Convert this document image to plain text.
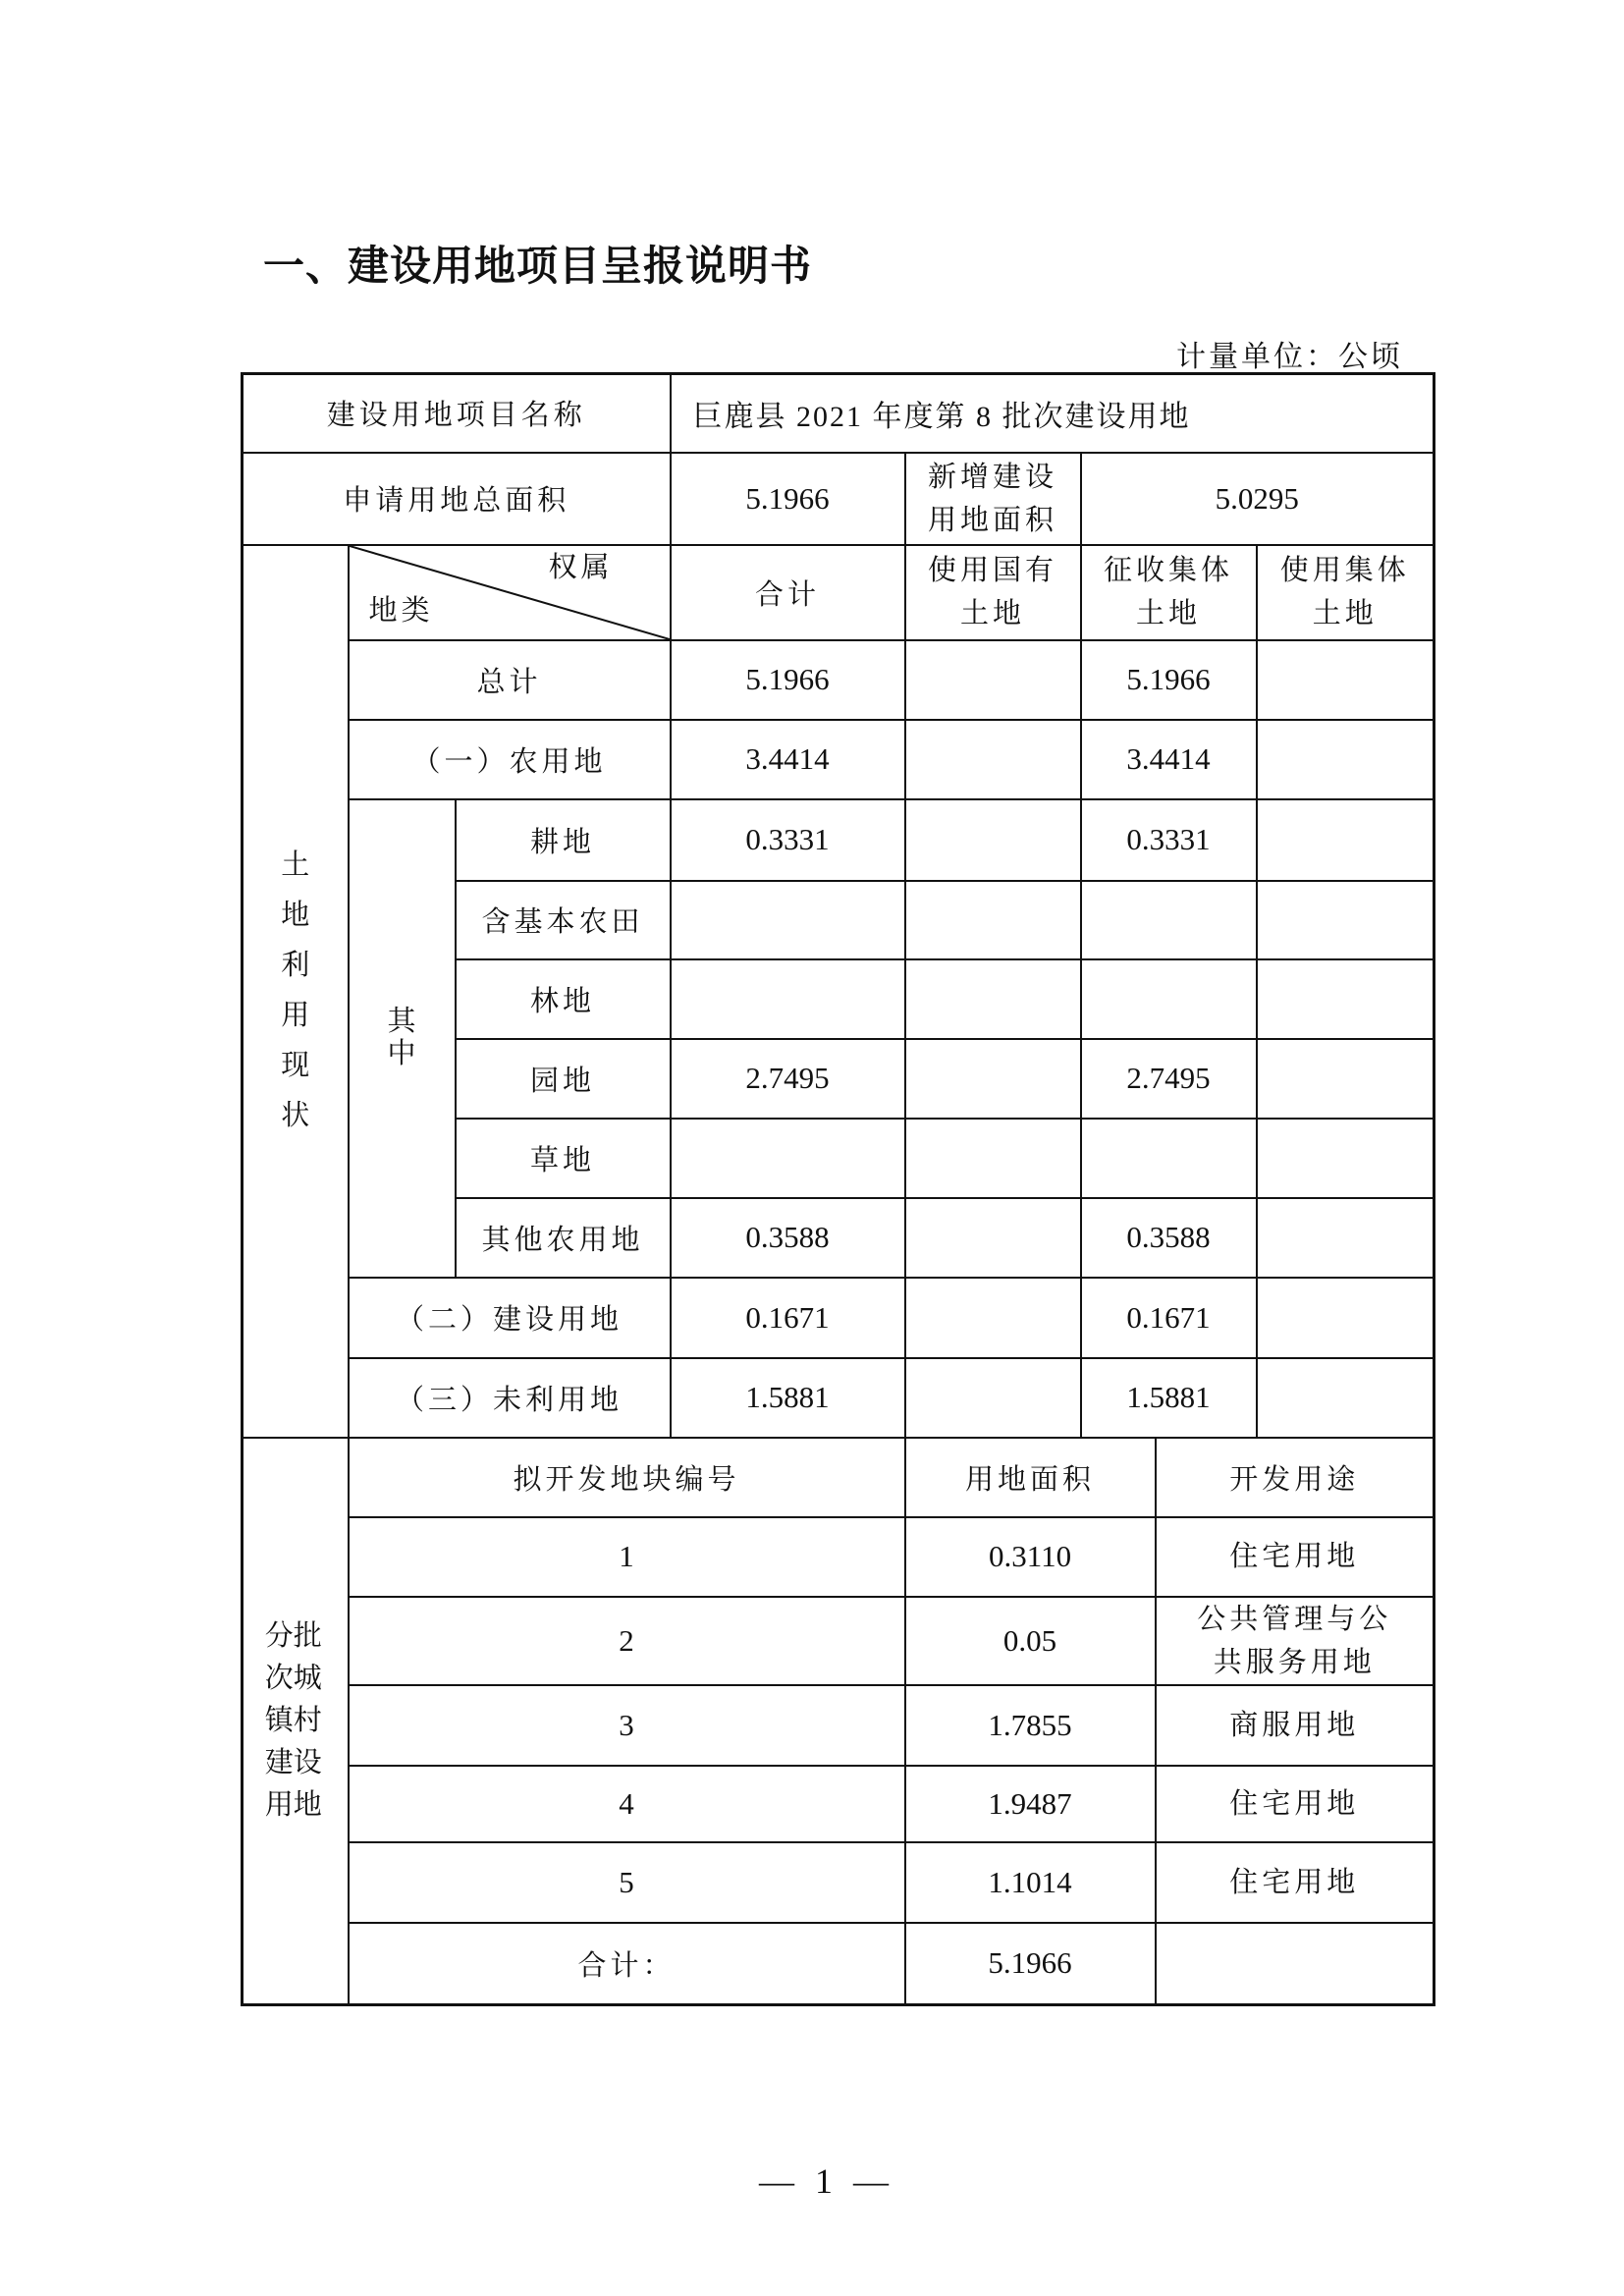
一、建设用地项目呈报说明书
计量单位：公顷
建设用地项目名称			巨鹿县 2021 年度第 8 批次建设用地				
申请用地总面积			5.1966	新增建设用地面积	5.0295		
土地利用现状	权属
地类		合计	使用国有土地	征收集体土地		使用集体土地
	总计		5.1966		5.1966		
	（一）农用地		3.4414		3.4414		
	其中	耕地	0.3331		0.3331		
		含基本农田					
		林地					
		园地	2.7495		2.7495		
		草地					
		其他农用地	0.3588		0.3588		
	（二）建设用地		0.1671		0.1671		
	（三）未利用地		1.5881		1.5881		
分批次城镇村建设用地	拟开发地块编号			用地面积		开发用途	
	1			0.3110		住宅用地	
	2			0.05		公共管理与公共服务用地	
	3			1.7855		商服用地	
	4			1.9487		住宅用地	
	5			1.1014		住宅用地	
	合计：			5.1966			
— 1 —
